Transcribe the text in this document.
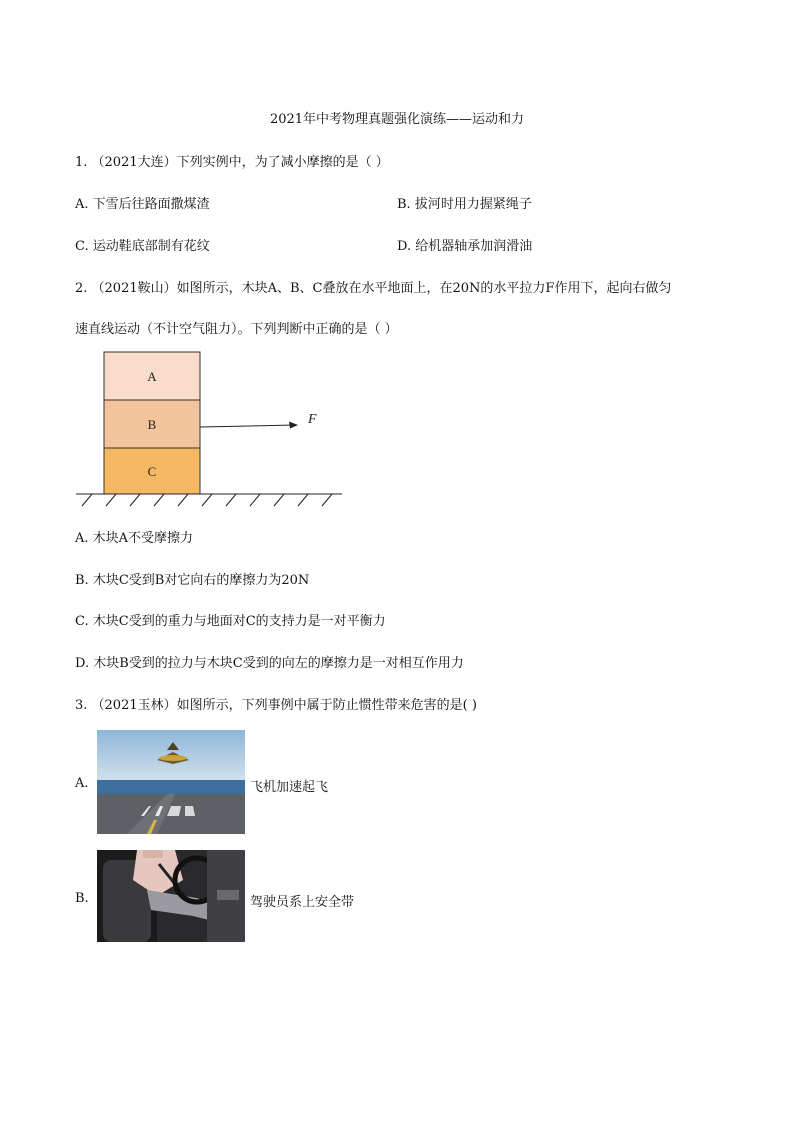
2021年中考物理真题强化演练——运动和力
1. （2021大连）下列实例中，为了减小摩擦的是（ ）
A. 下雪后往路面撒煤渣	B. 拔河时用力握紧绳子
C. 运动鞋底部制有花纹	D. 给机器轴承加润滑油
2. （2021鞍山）如图所示，木块A、B、C叠放在水平地面上，在20N的水平拉力F作用下，起向右做匀
速直线运动（不计空气阻力）。下列判断中正确的是（ ）
A
B
C
F
A. 木块A不受摩擦力
B. 木块C受到B对它向右的摩擦力为20N
C. 木块C受到的重力与地面对C的支持力是一对平衡力
D. 木块B受到的拉力与木块C受到的向左的摩擦力是一对相互作用力
3. （2021玉林）如图所示，下列事例中属于防止惯性带来危害的是( )
A.	飞机加速起飞
B.	驾驶员系上安全带
